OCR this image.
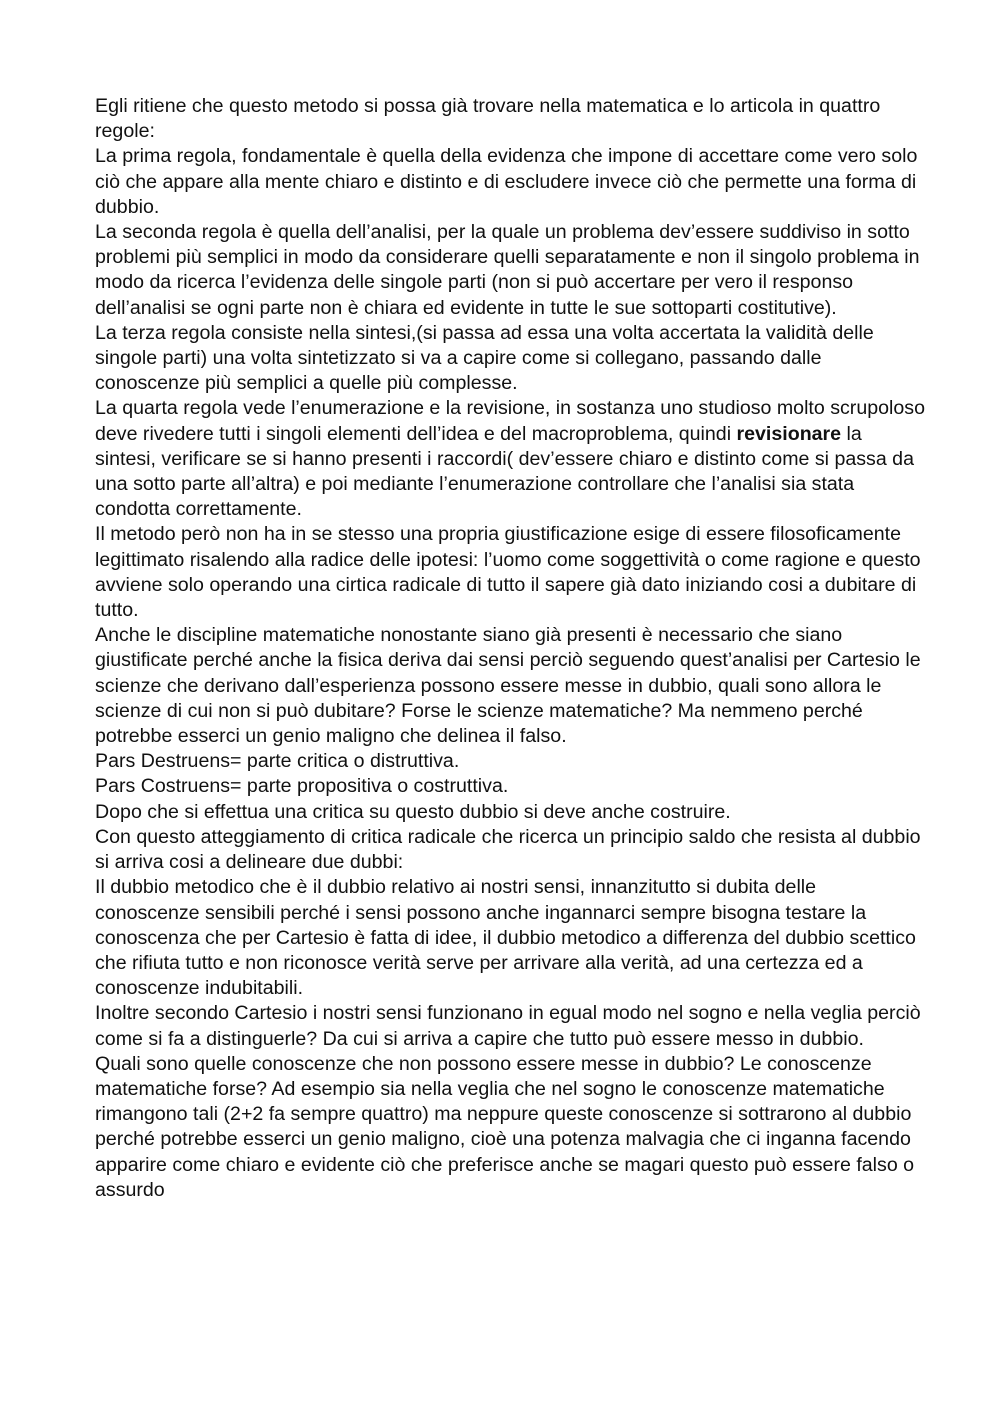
Egli ritiene che questo metodo si possa già trovare nella matematica e lo articola in quattro regole:

La prima regola, fondamentale è quella della evidenza che impone di accettare come vero solo ciò che appare alla mente chiaro e distinto e di escludere invece ciò che permette una forma di dubbio.

La seconda regola è quella dell’analisi, per la quale un problema dev’essere suddiviso in sotto problemi più semplici in modo da considerare quelli separatamente e non il singolo problema in modo da ricerca l’evidenza delle singole parti (non si può accertare per vero il responso dell’analisi se ogni parte non è chiara ed evidente in tutte le sue sottoparti costitutive).

La terza regola consiste nella sintesi,(si passa ad essa una volta accertata la validità delle singole parti) una volta sintetizzato si va a capire come si collegano, passando dalle conoscenze più semplici a quelle più complesse.

La quarta regola vede l’enumerazione e la revisione, in sostanza uno studioso molto scrupoloso deve rivedere tutti i singoli elementi dell’idea e del macroproblema, quindi revisionare la sintesi, verificare se si hanno presenti i raccordi( dev’essere chiaro e distinto come si passa da una sotto parte all’altra) e poi mediante l’enumerazione controllare che l’analisi sia stata condotta correttamente.

Il metodo però non ha in se stesso una propria giustificazione esige di essere filosoficamente legittimato risalendo alla radice delle ipotesi: l’uomo come soggettività o come ragione e questo avviene solo operando una cirtica radicale di tutto il sapere già dato iniziando cosi a dubitare di tutto.

Anche le discipline matematiche nonostante siano già presenti è necessario che siano giustificate perché anche la fisica deriva dai sensi perciò seguendo quest’analisi per Cartesio le scienze che derivano dall’esperienza possono essere messe in dubbio, quali sono allora le scienze di cui non si può dubitare? Forse le scienze matematiche? Ma nemmeno perché potrebbe esserci un genio maligno che delinea il falso.

Pars Destruens= parte critica o distruttiva.

Pars Costruens= parte propositiva o costruttiva.

Dopo che si effettua una critica su questo dubbio si deve anche costruire.

Con questo atteggiamento di critica radicale che ricerca un principio saldo che resista al dubbio si arriva cosi a delineare due dubbi:

Il dubbio metodico che è il dubbio relativo ai nostri sensi, innanzitutto si dubita delle conoscenze sensibili perché i sensi possono anche ingannarci sempre bisogna testare la conoscenza che per Cartesio è fatta di idee, il dubbio metodico a differenza del dubbio scettico che rifiuta tutto e non riconosce verità serve per arrivare alla verità, ad una certezza ed a conoscenze indubitabili.

Inoltre secondo Cartesio i nostri sensi funzionano in egual modo nel sogno e nella veglia perciò come si fa a distinguerle? Da cui si arriva a capire che tutto può essere messo in dubbio.

Quali sono quelle conoscenze che non possono essere messe in dubbio? Le conoscenze matematiche forse? Ad esempio sia nella veglia che nel sogno le conoscenze matematiche rimangono tali (2+2 fa sempre quattro) ma neppure queste conoscenze si sottrarono al dubbio perché potrebbe esserci un genio maligno, cioè una potenza malvagia che ci inganna facendo apparire come chiaro e evidente ciò che preferisce anche se magari questo può essere falso o assurdo
